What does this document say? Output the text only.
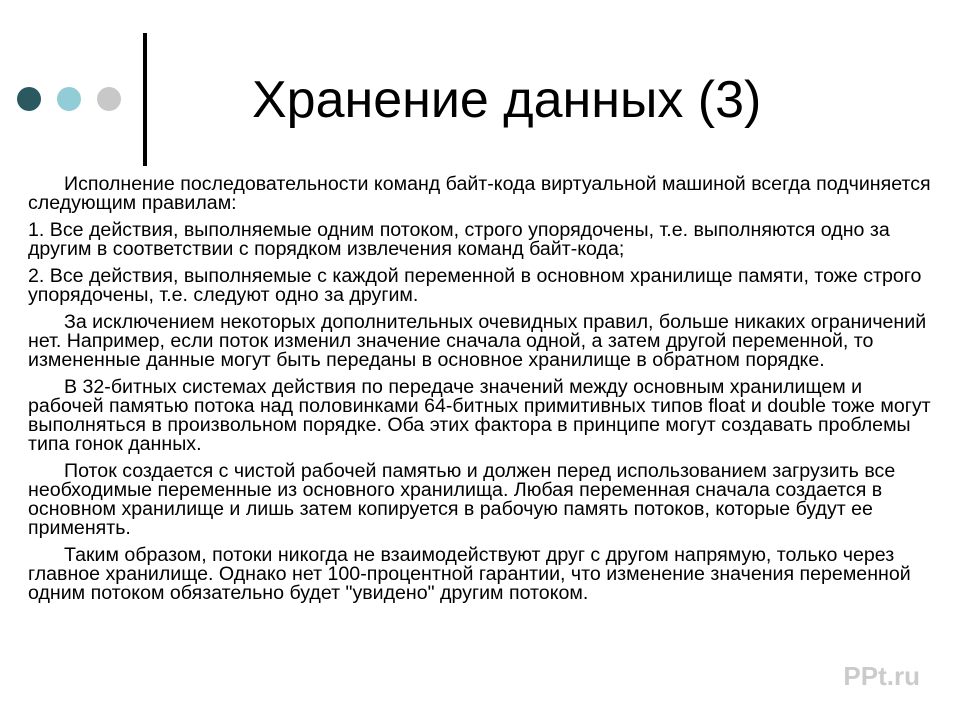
Хранение данных (3)

Исполнение последовательности команд байт-кода виртуальной машиной всегда подчиняется следующим правилам:

1. Все действия, выполняемые одним потоком, строго упорядочены, т.е. выполняются одно за другим в соответствии с порядком извлечения команд байт-кода;

2. Все действия, выполняемые с каждой переменной в основном хранилище памяти, тоже строго упорядочены, т.е. следуют одно за другим.

За исключением некоторых дополнительных очевидных правил, больше никаких ограничений нет. Например, если поток изменил значение сначала одной, а затем другой переменной, то измененные данные могут быть переданы в основное хранилище в обратном порядке.

В 32-битных системах действия по передаче значений между основным хранилищем и рабочей памятью потока над половинками 64-битных примитивных типов float и double тоже могут выполняться в произвольном порядке. Оба этих фактора в принципе могут создавать проблемы типа гонок данных.

Поток создается с чистой рабочей памятью и должен перед использованием загрузить все необходимые переменные из основного хранилища. Любая переменная сначала создается в основном хранилище и лишь затем копируется в рабочую память потоков, которые будут ее применять.

Таким образом, потоки никогда не взаимодействуют друг с другом напрямую, только через главное хранилище. Однако нет 100-процентной гарантии, что изменение значения переменной одним потоком обязательно будет "увидено" другим потоком.

PPt.ru
